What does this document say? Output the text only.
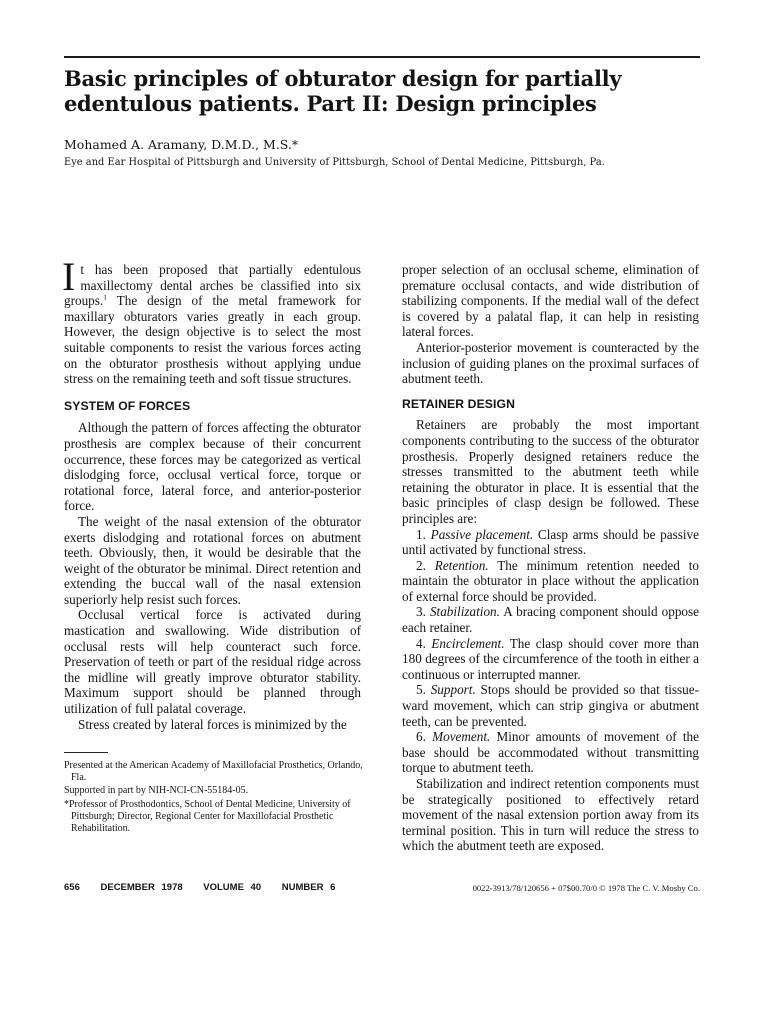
Basic principles of obturator design for partially edentulous patients. Part II: Design principles

Mohamed A. Aramany, D.M.D., M.S.*

Eye and Ear Hospital of Pittsburgh and University of Pittsburgh, School of Dental Medicine, Pittsburgh, Pa.

It has been proposed that partially edentulous maxillectomy dental arches be classified into six groups.$^1$ The design of the metal framework for maxillary obturators varies greatly in each group. However, the design objective is to select the most suitable components to resist the various forces acting on the obturator prosthesis without applying undue stress on the remaining teeth and soft tissue structures.

SYSTEM OF FORCES

Although the pattern of forces affecting the obturator prosthesis are complex because of their concurrent occurrence, these forces may be categorized as vertical dislodging force, occlusal vertical force, torque or rotational force, lateral force, and anterior-posterior force.

The weight of the nasal extension of the obturator exerts dislodging and rotational forces on abutment teeth. Obviously, then, it would be desirable that the weight of the obturator be minimal. Direct retention and extending the buccal wall of the nasal extension superiorly help resist such forces.

Occlusal vertical force is activated during mastication and swallowing. Wide distribution of occlusal rests will help counteract such force. Preservation of teeth or part of the residual ridge across the midline will greatly improve obturator stability. Maximum support should be planned through utilization of full palatal coverage.

Stress created by lateral forces is minimized by the

proper selection of an occlusal scheme, elimination of premature occlusal contacts, and wide distribution of stabilizing components. If the medial wall of the defect is covered by a palatal flap, it can help in resisting lateral forces.

Anterior-posterior movement is counteracted by the inclusion of guiding planes on the proximal surfaces of abutment teeth.

RETAINER DESIGN

Retainers are probably the most important components contributing to the success of the obturator prosthesis. Properly designed retainers reduce the stresses transmitted to the abutment teeth while retaining the obturator in place. It is essential that the basic principles of clasp design be followed. These principles are:

1. Passive placement. Clasp arms should be passive until activated by functional stress.

2. Retention. The minimum retention needed to maintain the obturator in place without the application of external force should be provided.

3. Stabilization. A bracing component should oppose each retainer.

4. Encirclement. The clasp should cover more than 180 degrees of the circumference of the tooth in either a continuous or interrupted manner.

5. Support. Stops should be provided so that tissue-ward movement, which can strip gingiva or abutment teeth, can be prevented.

6. Movement. Minor amounts of movement of the base should be accommodated without transmitting torque to abutment teeth.

Stabilization and indirect retention components must be strategically positioned to effectively retard movement of the nasal extension portion away from its terminal position. This in turn will reduce the stress to which the abutment teeth are exposed.

Presented at the American Academy of Maxillofacial Prosthetics, Orlando, Fla.

Supported in part by NIH-NCI-CN-55184-05.

*Professor of Prosthodontics, School of Dental Medicine, University of Pittsburgh; Director, Regional Center for Maxillofacial Prosthetic Rehabilitation.

656 DECEMBER 1978 VOLUME 40 NUMBER 6	0022-3913/78/120656 + 07$00.70/0 © 1978 The C. V. Mosby Co.
